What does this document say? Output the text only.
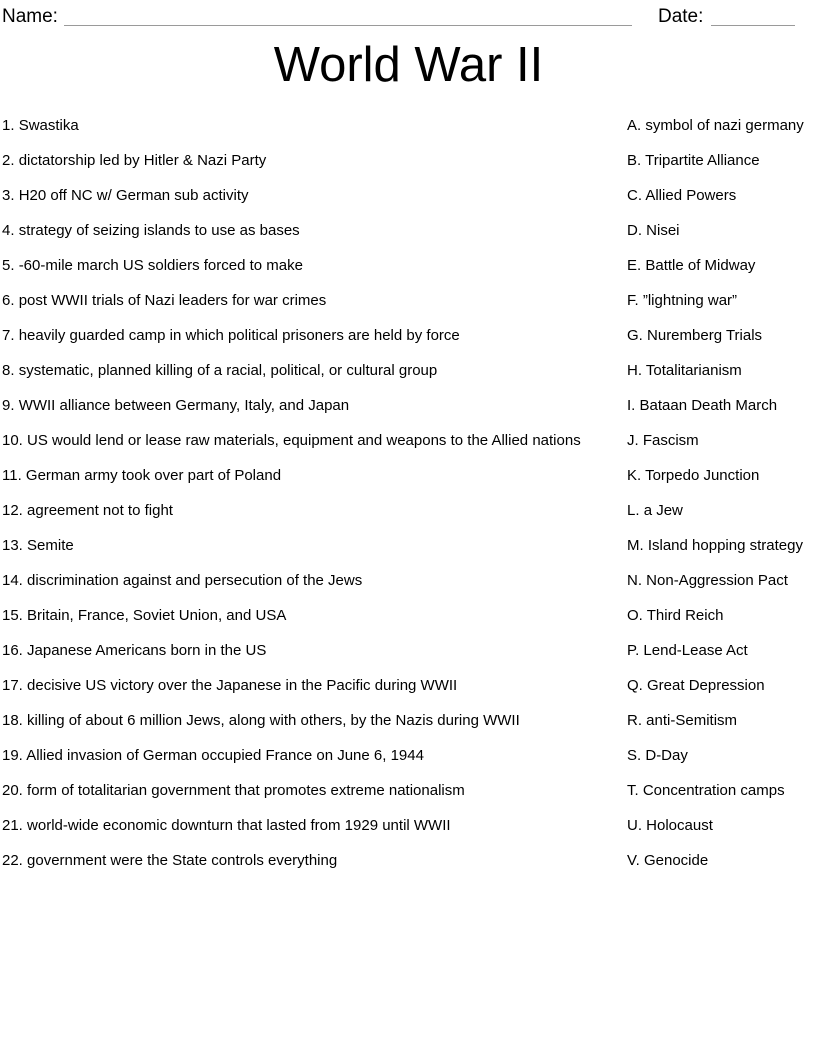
Name:	Date:
World War II
1. Swastika	A. symbol of nazi germany
2. dictatorship led by Hitler & Nazi Party	B. Tripartite Alliance
3. H20 off NC w/ German sub activity	C. Allied Powers
4. strategy of seizing islands to use as bases	D. Nisei
5. -60-mile march US soldiers forced to make	E. Battle of Midway
6. post WWII trials of Nazi leaders for war crimes	F. ”lightning war”
7. heavily guarded camp in which political prisoners are held by force	G. Nuremberg Trials
8. systematic, planned killing of a racial, political, or cultural group	H. Totalitarianism
9. WWII alliance between Germany, Italy, and Japan	I. Bataan Death March
10. US would lend or lease raw materials, equipment and weapons to the Allied nations	J. Fascism
11. German army took over part of Poland	K. Torpedo Junction
12. agreement not to fight	L. a Jew
13. Semite	M. Island hopping strategy
14. discrimination against and persecution of the Jews	N. Non-Aggression Pact
15. Britain, France, Soviet Union, and USA	O. Third Reich
16. Japanese Americans born in the US	P. Lend-Lease Act
17. decisive US victory over the Japanese in the Pacific during WWII	Q. Great Depression
18. killing of about 6 million Jews, along with others, by the Nazis during WWII	R. anti-Semitism
19. Allied invasion of German occupied France on June 6, 1944	S. D-Day
20. form of totalitarian government that promotes extreme nationalism	T. Concentration camps
21. world-wide economic downturn that lasted from 1929 until WWII	U. Holocaust
22. government were the State controls everything	V. Genocide
